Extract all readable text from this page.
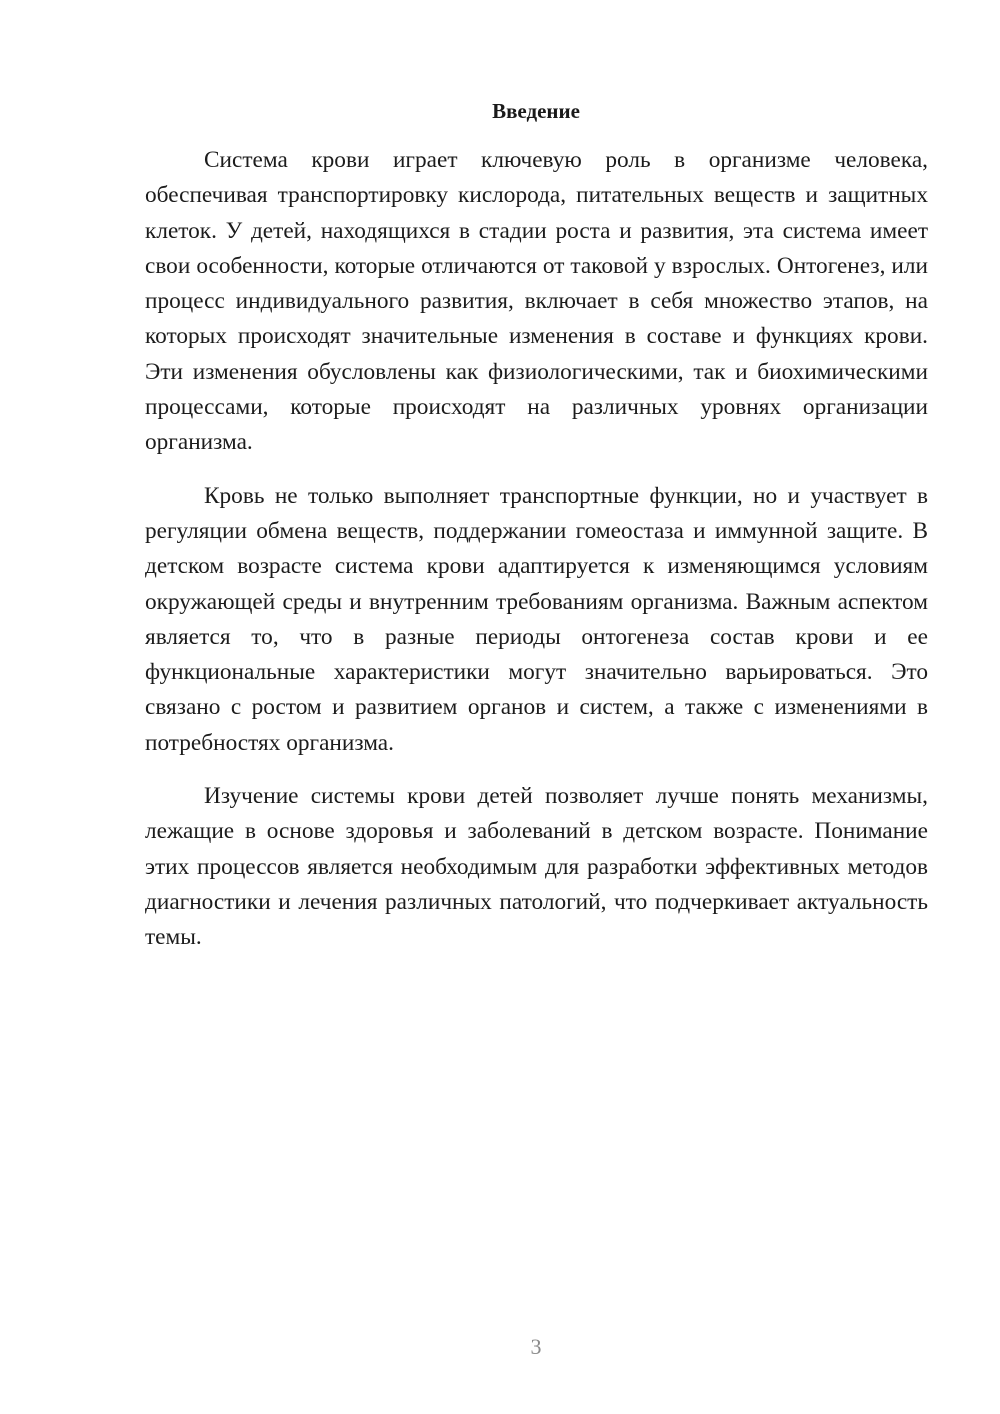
Введение

Система крови играет ключевую роль в организме человека, обеспечивая транспортировку кислорода, питательных веществ и защитных клеток. У детей, находящихся в стадии роста и развития, эта система имеет свои особенности, которые отличаются от таковой у взрослых. Онтогенез, или процесс индивидуального развития, включает в себя множество этапов, на которых происходят значительные изменения в составе и функциях крови. Эти изменения обусловлены как физиологическими, так и биохимическими процессами, которые происходят на различных уровнях организации организма.

Кровь не только выполняет транспортные функции, но и участвует в регуляции обмена веществ, поддержании гомеостаза и иммунной защите. В детском возрасте система крови адаптируется к изменяющимся условиям окружающей среды и внутренним требованиям организма. Важным аспектом является то, что в разные периоды онтогенеза состав крови и ее функциональные характеристики могут значительно варьироваться. Это связано с ростом и развитием органов и систем, а также с изменениями в потребностях организма.

Изучение системы крови детей позволяет лучше понять механизмы, лежащие в основе здоровья и заболеваний в детском возрасте. Понимание этих процессов является необходимым для разработки эффективных методов диагностики и лечения различных патологий, что подчеркивает актуальность темы.

3
